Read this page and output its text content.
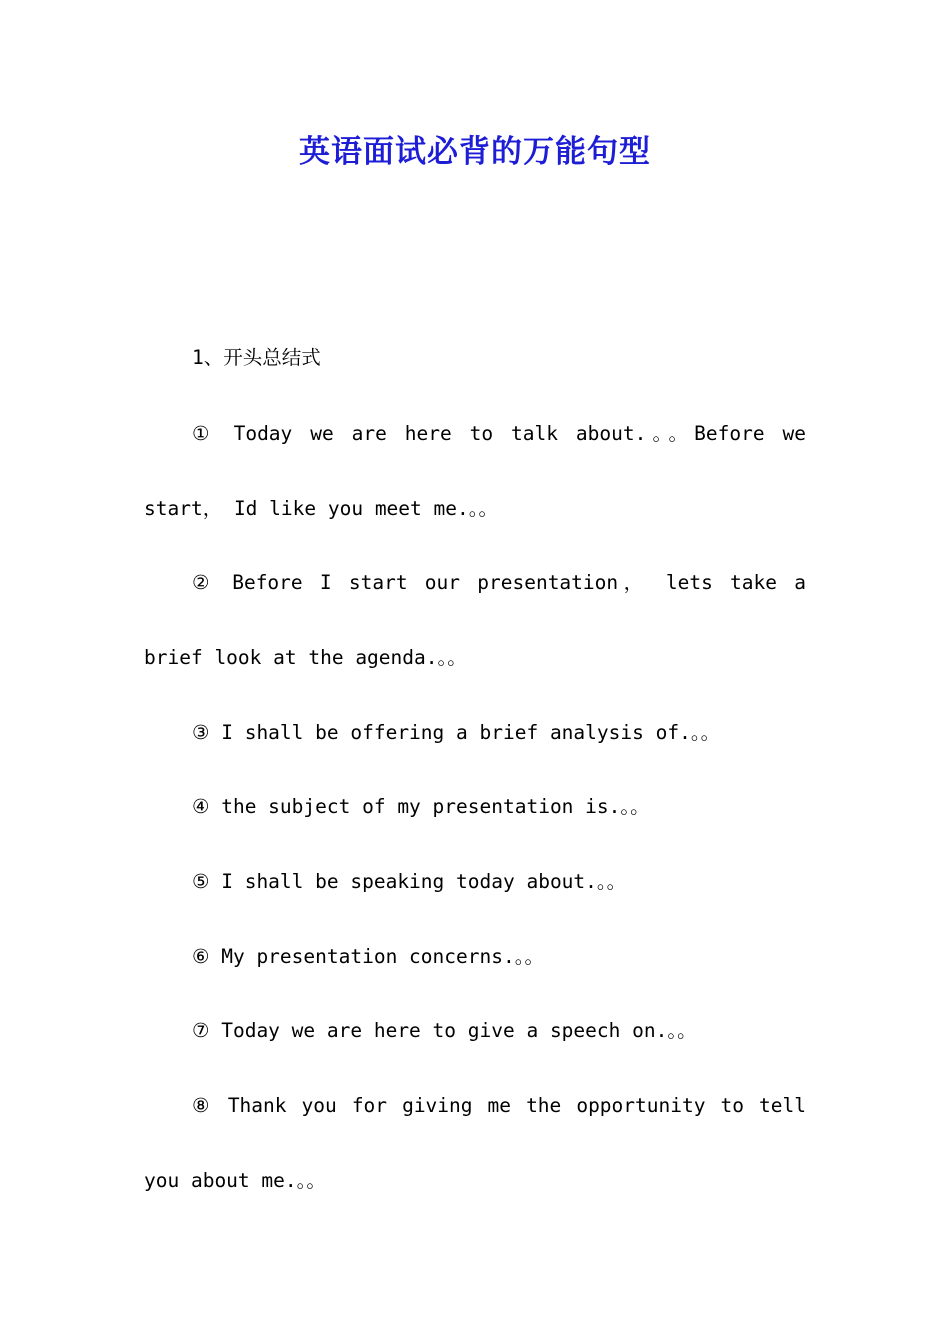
英语面试必背的万能句型

1、开头总结式

① Today we are here to talk about.。。Before we

start， Id like you meet me.。。

② Before I start our presentation， lets take a

brief look at the agenda.。。

③ I shall be offering a brief analysis of.。。

④ the subject of my presentation is.。。

⑤ I shall be speaking today about.。。

⑥ My presentation concerns.。。

⑦ Today we are here to give a speech on.。。

⑧ Thank you for giving me the opportunity to tell

you about me.。。
